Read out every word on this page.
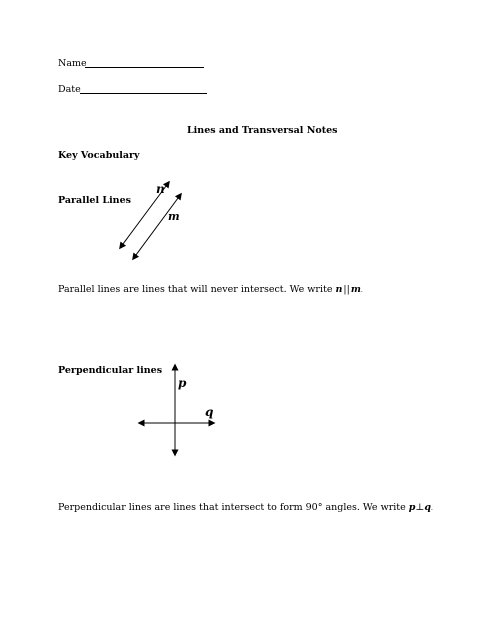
Name
Date
Lines and Transversal Notes
Key Vocabulary
Parallel Lines
n
m
Parallel lines are lines that will never intersect. We write n||m.
Perpendicular lines
p
q
Perpendicular lines are lines that intersect to form 90° angles. We write p⊥q.
